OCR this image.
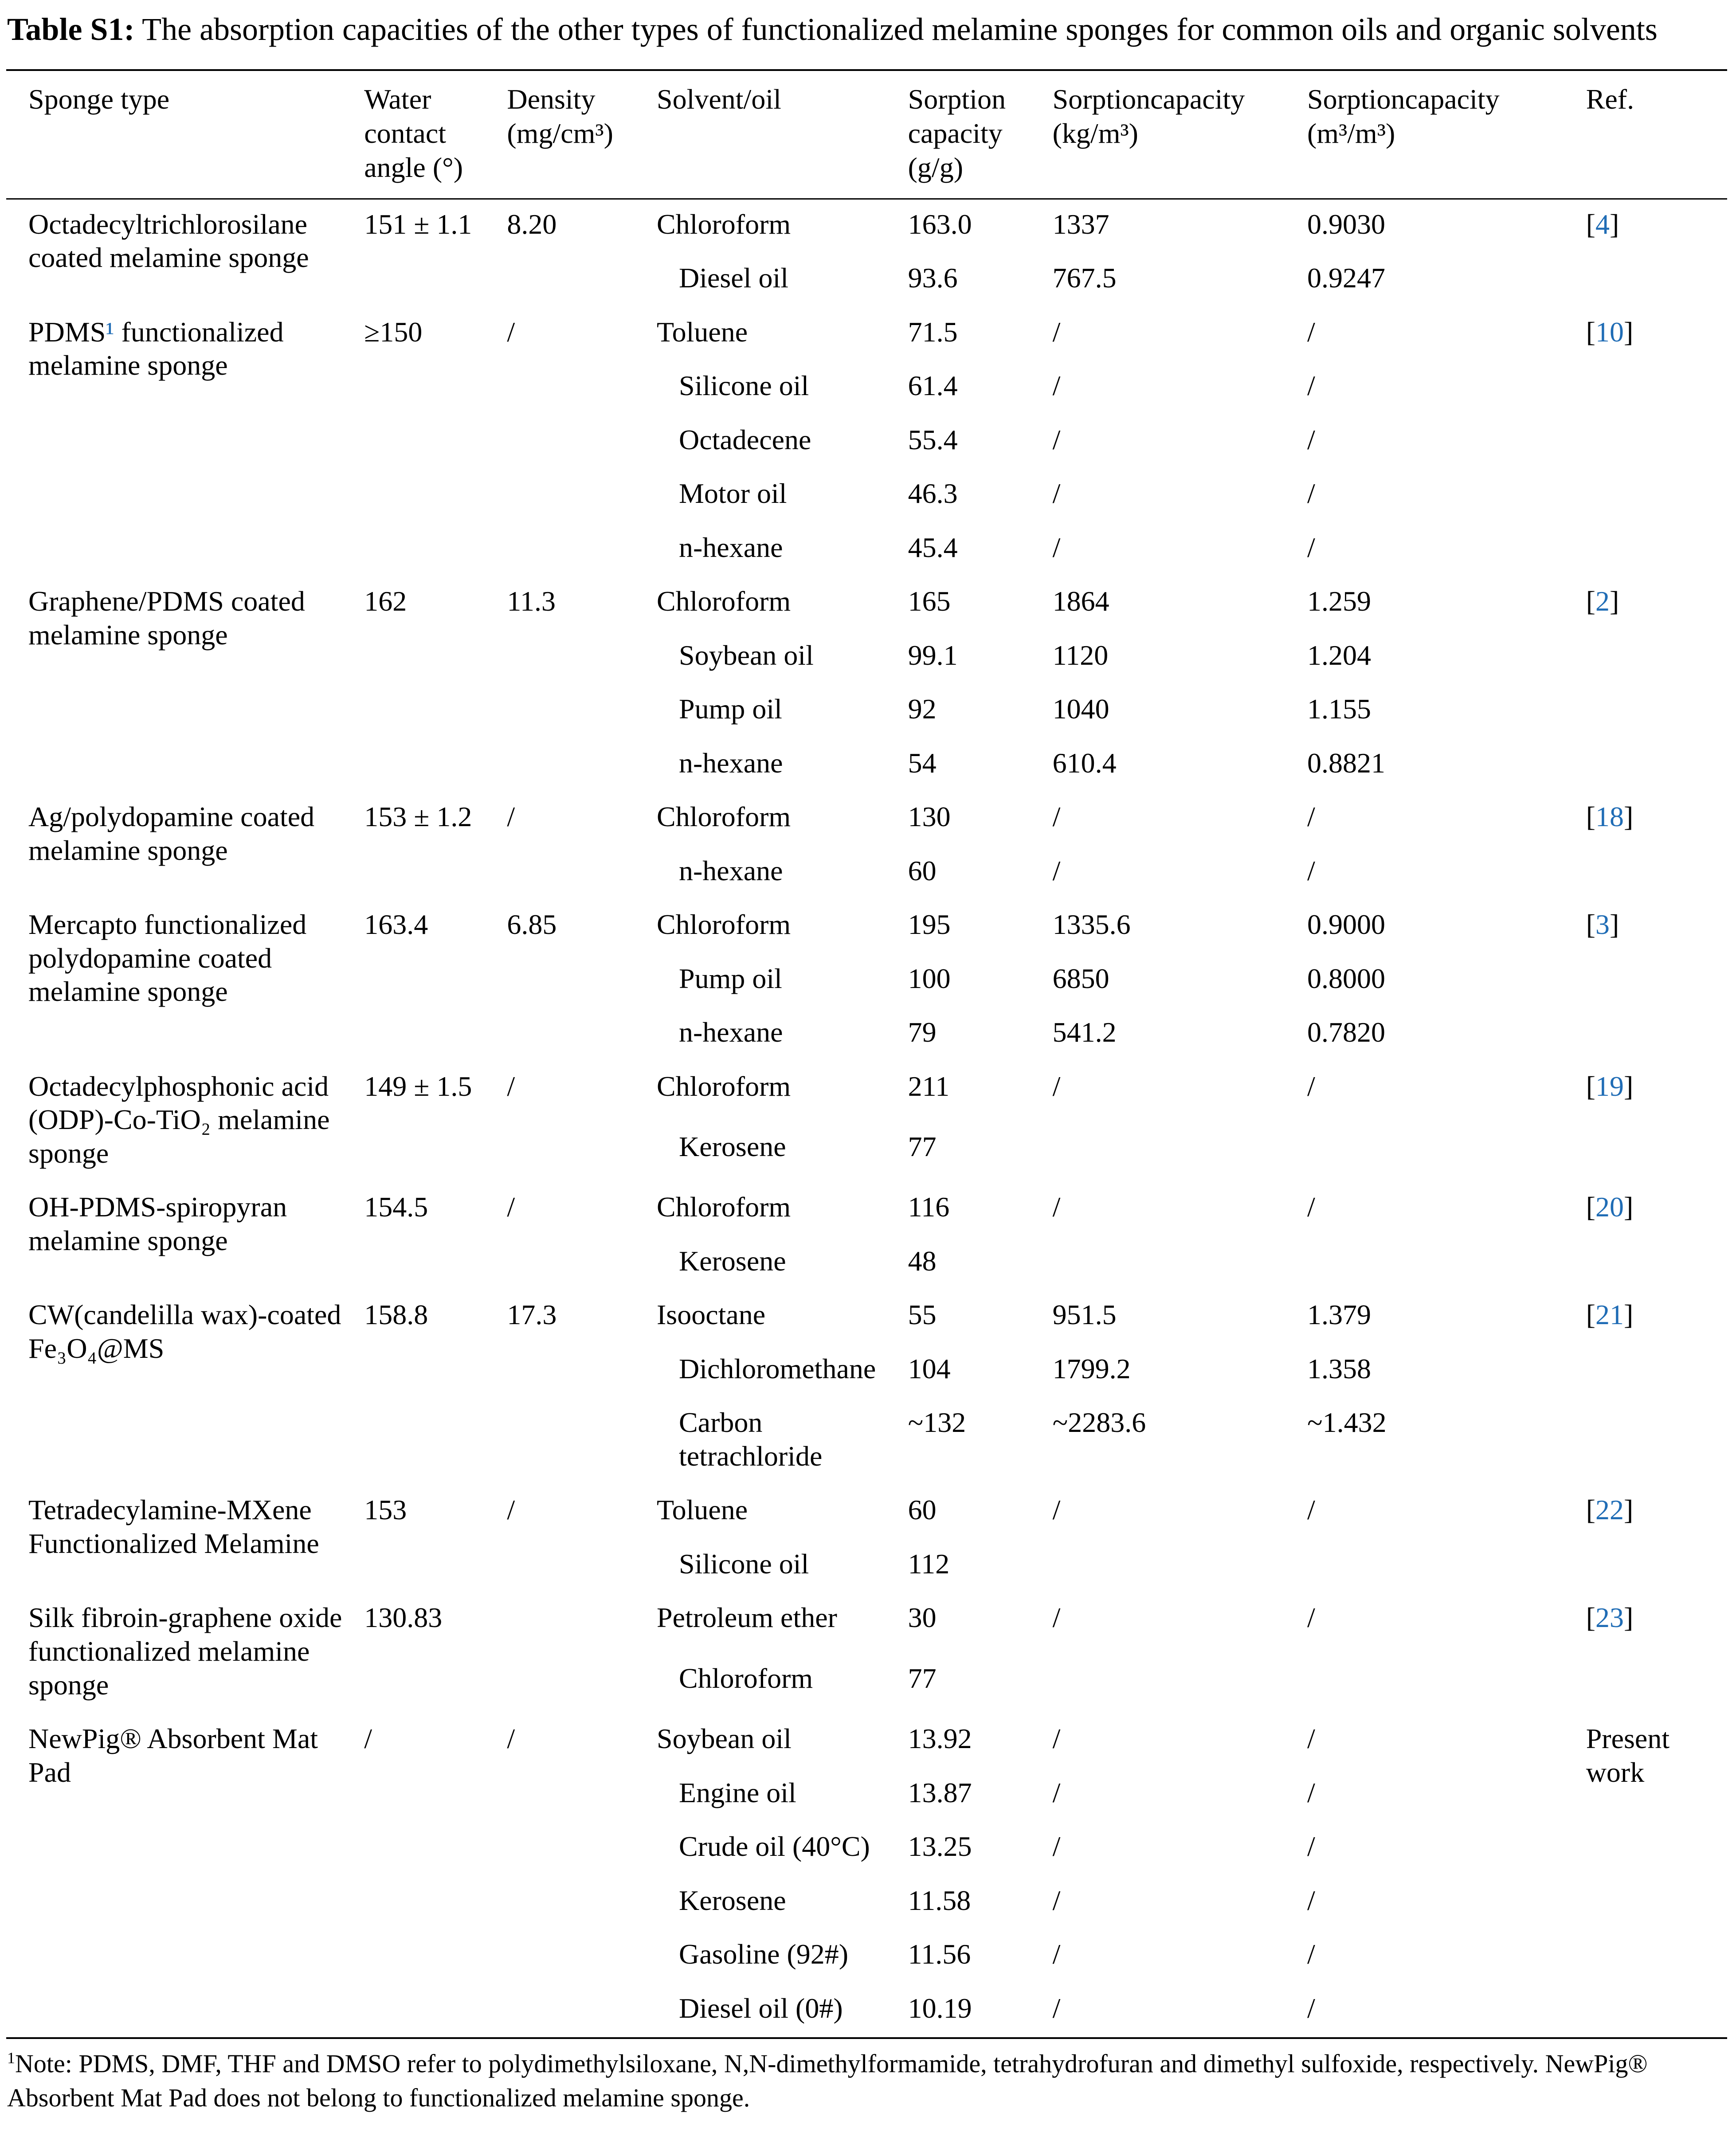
Table S1: The absorption capacities of the other types of functionalized melamine sponges for common oils and organic solvents

Sponge type	Water contact angle (°)	Density (mg/cm³)	Solvent/oil	Sorption capacity (g/g)	Sorptioncapacity (kg/m³)	Sorptioncapacity (m³/m³)	Ref.
Octadecyltrichlorosilane coated melamine sponge	151 ± 1.1	8.20	Chloroform	163.0	1337	0.9030	[4]
			Diesel oil	93.6	767.5	0.9247	
PDMS¹ functionalized melamine sponge	≥150	/	Toluene	71.5	/	/	[10]
			Silicone oil	61.4	/	/	
			Octadecene	55.4	/	/	
			Motor oil	46.3	/	/	
			n-hexane	45.4	/	/	
Graphene/PDMS coated melamine sponge	162	11.3	Chloroform	165	1864	1.259	[2]
			Soybean oil	99.1	1120	1.204	
			Pump oil	92	1040	1.155	
			n-hexane	54	610.4	0.8821	
Ag/polydopamine coated melamine sponge	153 ± 1.2	/	Chloroform	130	/	/	[18]
			n-hexane	60	/	/	
Mercapto functionalized polydopamine coated melamine sponge	163.4	6.85	Chloroform	195	1335.6	0.9000	[3]
			Pump oil	100	6850	0.8000	
			n-hexane	79	541.2	0.7820	
Octadecylphosphonic acid (ODP)-Co-TiO₂ melamine sponge	149 ± 1.5	/	Chloroform	211	/	/	[19]
			Kerosene	77			
OH-PDMS-spiropyran melamine sponge	154.5	/	Chloroform	116	/	/	[20]
			Kerosene	48			
CW(candelilla wax)-coated Fe₃O₄@MS	158.8	17.3	Isooctane	55	951.5	1.379	[21]
			Dichloromethane	104	1799.2	1.358	
			Carbon tetrachloride	~132	~2283.6	~1.432	
Tetradecylamine-MXene Functionalized Melamine	153	/	Toluene	60	/	/	[22]
			Silicone oil	112			
Silk fibroin-graphene oxide functionalized melamine sponge	130.83		Petroleum ether	30	/	/	[23]
			Chloroform	77			
NewPig® Absorbent Mat Pad	/	/	Soybean oil	13.92	/	/	Present work
			Engine oil	13.87	/	/	
			Crude oil (40°C)	13.25	/	/	
			Kerosene	11.58	/	/	
			Gasoline (92#)	11.56	/	/	
			Diesel oil (0#)	10.19	/	/	

$^1$Note: PDMS, DMF, THF and DMSO refer to polydimethylsiloxane, N,N-dimethylformamide, tetrahydrofuran and dimethyl sulfoxide, respectively. NewPig® Absorbent Mat Pad does not belong to functionalized melamine sponge.
